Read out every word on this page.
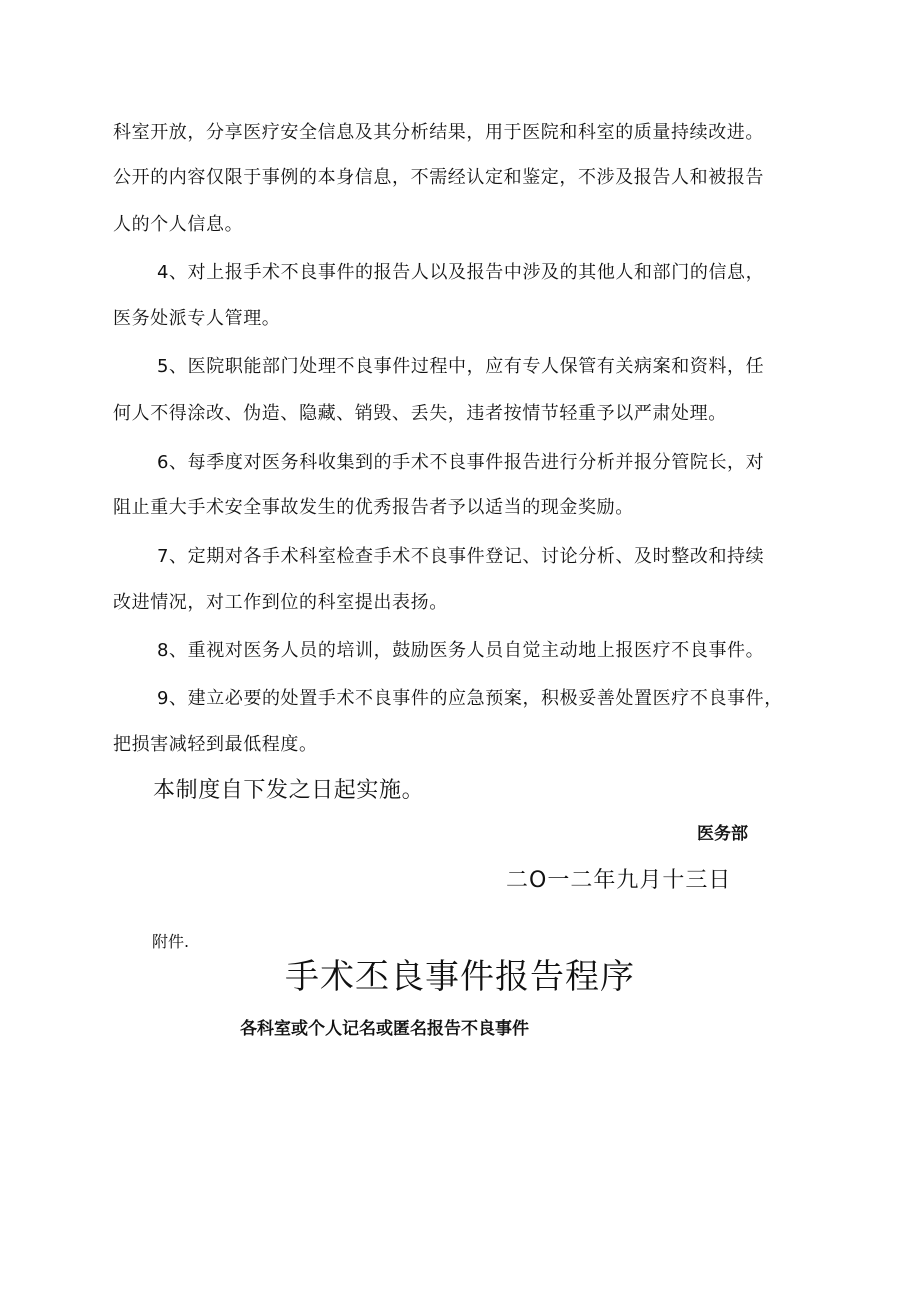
科室开放，分享医疗安全信息及其分析结果，用于医院和科室的质量持续改进。
公开的内容仅限于事例的本身信息，不需经认定和鉴定，不涉及报告人和被报告
人的个人信息。
4、对上报手术不良事件的报告人以及报告中涉及的其他人和部门的信息，
医务处派专人管理。
5、医院职能部门处理不良事件过程中，应有专人保管有关病案和资料，任
何人不得涂改、伪造、隐藏、销毁、丢失，违者按情节轻重予以严肃处理。
6、每季度对医务科收集到的手术不良事件报告进行分析并报分管院长，对
阻止重大手术安全事故发生的优秀报告者予以适当的现金奖励。
7、定期对各手术科室检查手术不良事件登记、讨论分析、及时整改和持续
改进情况，对工作到位的科室提出表扬。
8、重视对医务人员的培训，鼓励医务人员自觉主动地上报医疗不良事件。
9、建立必要的处置手术不良事件的应急预案，积极妥善处置医疗不良事件，
把损害减轻到最低程度。
本制度自下发之日起实施。
医务部
二O一二年九月十三日
附件.
手术丕良事件报告程序
各科室或个人记名或匿名报告不良事件
